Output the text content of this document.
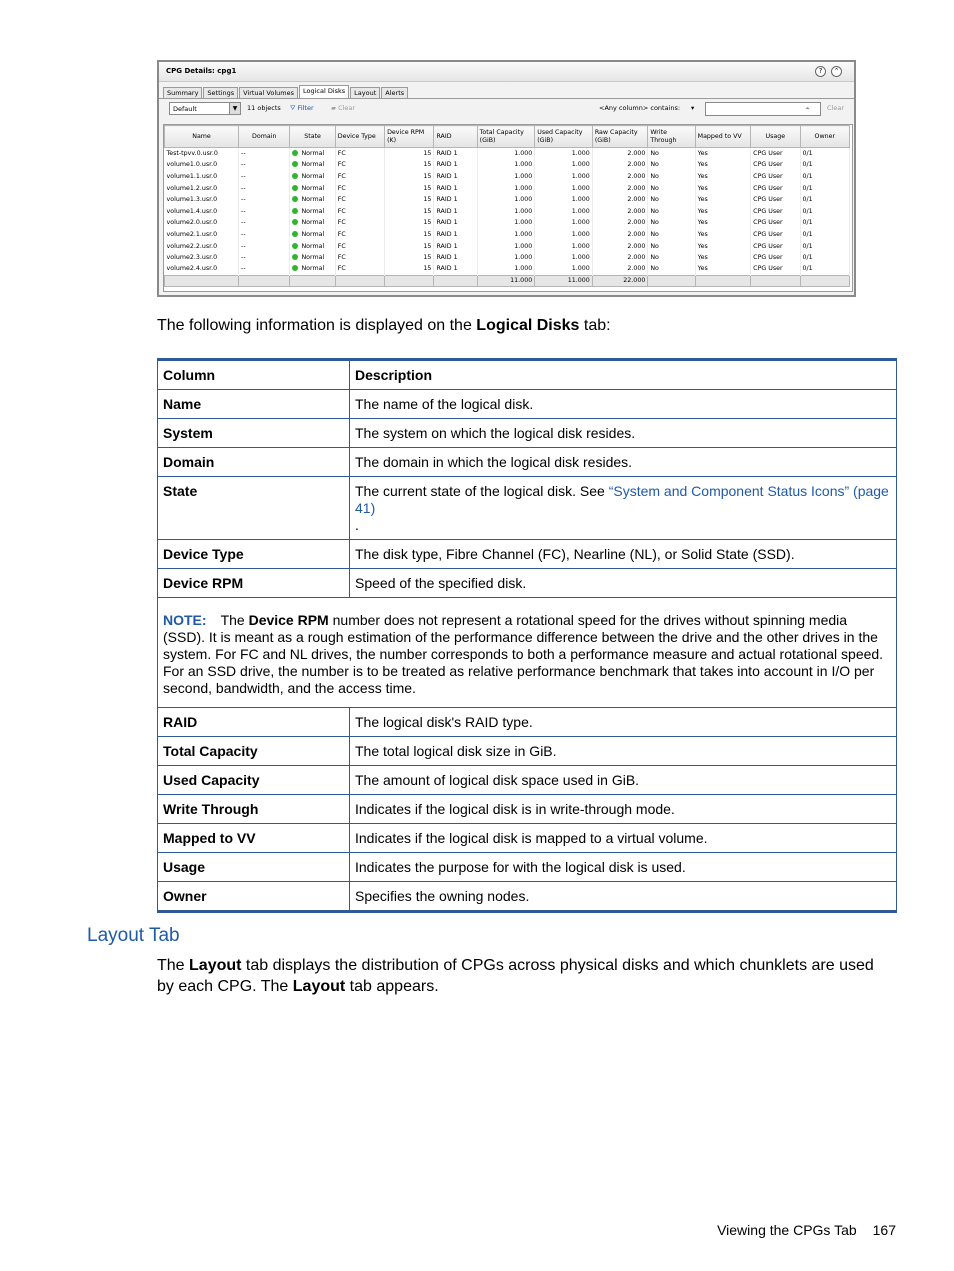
CPG Details: cpg1	?	⌃
Summary	Settings	Virtual Volumes	Logical Disks	Layout	Alerts
Default	▼	11 objects ⛛ Filter	▰ Clear	<Any column> contains: ▾	⏶	Clear
Name	Domain	State	Device Type	Device RPM (K)	RAID	Total Capacity (GiB)	Used Capacity (GiB)	Raw Capacity (GiB)	Write Through	Mapped to VV	Usage	Owner
Test-tpvv.0.usr.0	--	Normal	FC	15	RAID 1	1.000	1.000	2.000	No	Yes	CPG User	0/1
volume1.0.usr.0	--	Normal	FC	15	RAID 1	1.000	1.000	2.000	No	Yes	CPG User	0/1
volume1.1.usr.0	--	Normal	FC	15	RAID 1	1.000	1.000	2.000	No	Yes	CPG User	0/1
volume1.2.usr.0	--	Normal	FC	15	RAID 1	1.000	1.000	2.000	No	Yes	CPG User	0/1
volume1.3.usr.0	--	Normal	FC	15	RAID 1	1.000	1.000	2.000	No	Yes	CPG User	0/1
volume1.4.usr.0	--	Normal	FC	15	RAID 1	1.000	1.000	2.000	No	Yes	CPG User	0/1
volume2.0.usr.0	--	Normal	FC	15	RAID 1	1.000	1.000	2.000	No	Yes	CPG User	0/1
volume2.1.usr.0	--	Normal	FC	15	RAID 1	1.000	1.000	2.000	No	Yes	CPG User	0/1
volume2.2.usr.0	--	Normal	FC	15	RAID 1	1.000	1.000	2.000	No	Yes	CPG User	0/1
volume2.3.usr.0	--	Normal	FC	15	RAID 1	1.000	1.000	2.000	No	Yes	CPG User	0/1
volume2.4.usr.0	--	Normal	FC	15	RAID 1	1.000	1.000	2.000	No	Yes	CPG User	0/1
						11.000	11.000	22.000				

The following information is displayed on the Logical Disks tab:

Column	Description
Name	The name of the logical disk.
System	The system on which the logical disk resides.
Domain	The domain in which the logical disk resides.
State	The current state of the logical disk. See “System and Component Status Icons” (page 41)
.
Device Type	The disk type, Fibre Channel (FC), Nearline (NL), or Solid State (SSD).
Device RPM	Speed of the specified disk.
NOTE: The Device RPM number does not represent a rotational speed for the drives without spinning media (SSD). It is meant as a rough estimation of the performance difference between the drive and the other drives in the system. For FC and NL drives, the number corresponds to both a performance measure and actual rotational speed. For an SSD drive, the number is to be treated as relative performance benchmark that takes into account in I/O per second, bandwidth, and the access time.	
RAID	The logical disk's RAID type.
Total Capacity	The total logical disk size in GiB.
Used Capacity	The amount of logical disk space used in GiB.
Write Through	Indicates if the logical disk is in write-through mode.
Mapped to VV	Indicates if the logical disk is mapped to a virtual volume.
Usage	Indicates the purpose for with the logical disk is used.
Owner	Specifies the owning nodes.
Layout Tab

The Layout tab displays the distribution of CPGs across physical disks and which chunklets are used by each CPG. The Layout tab appears.

Viewing the CPGs Tab 167
